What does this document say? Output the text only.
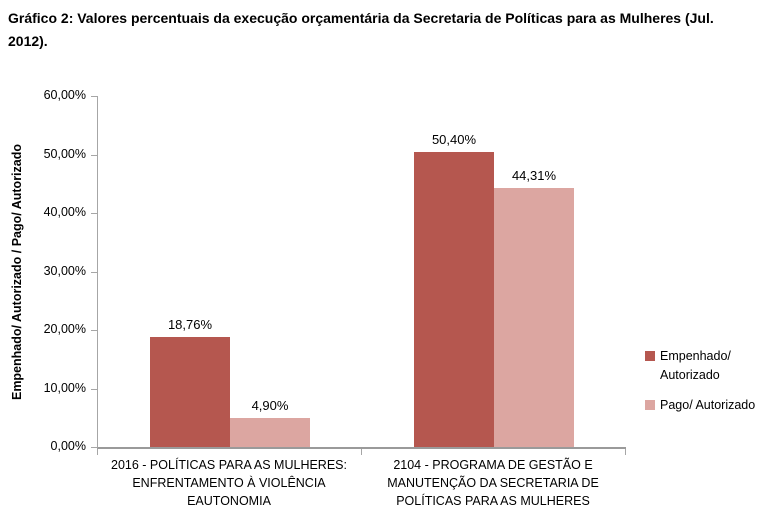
Gráfico 2: Valores percentuais da execução orçamentária da Secretaria de Políticas para as Mulheres (Jul. 2012).
Empenhado/ Autorizado / Pago/ Autorizado
0,00%
10,00%
20,00%
30,00%
40,00%
50,00%
60,00%
18,76%
4,90%
50,40%
44,31%
2016 - POLÍTICAS PARA AS MULHERES: ENFRENTAMENTO À VIOLÊNCIA EAUTONOMIA
2104 - PROGRAMA DE GESTÃO E MANUTENÇÃO DA SECRETARIA DE POLÍTICAS PARA AS MULHERES
Empenhado/ Autorizado
Pago/ Autorizado
